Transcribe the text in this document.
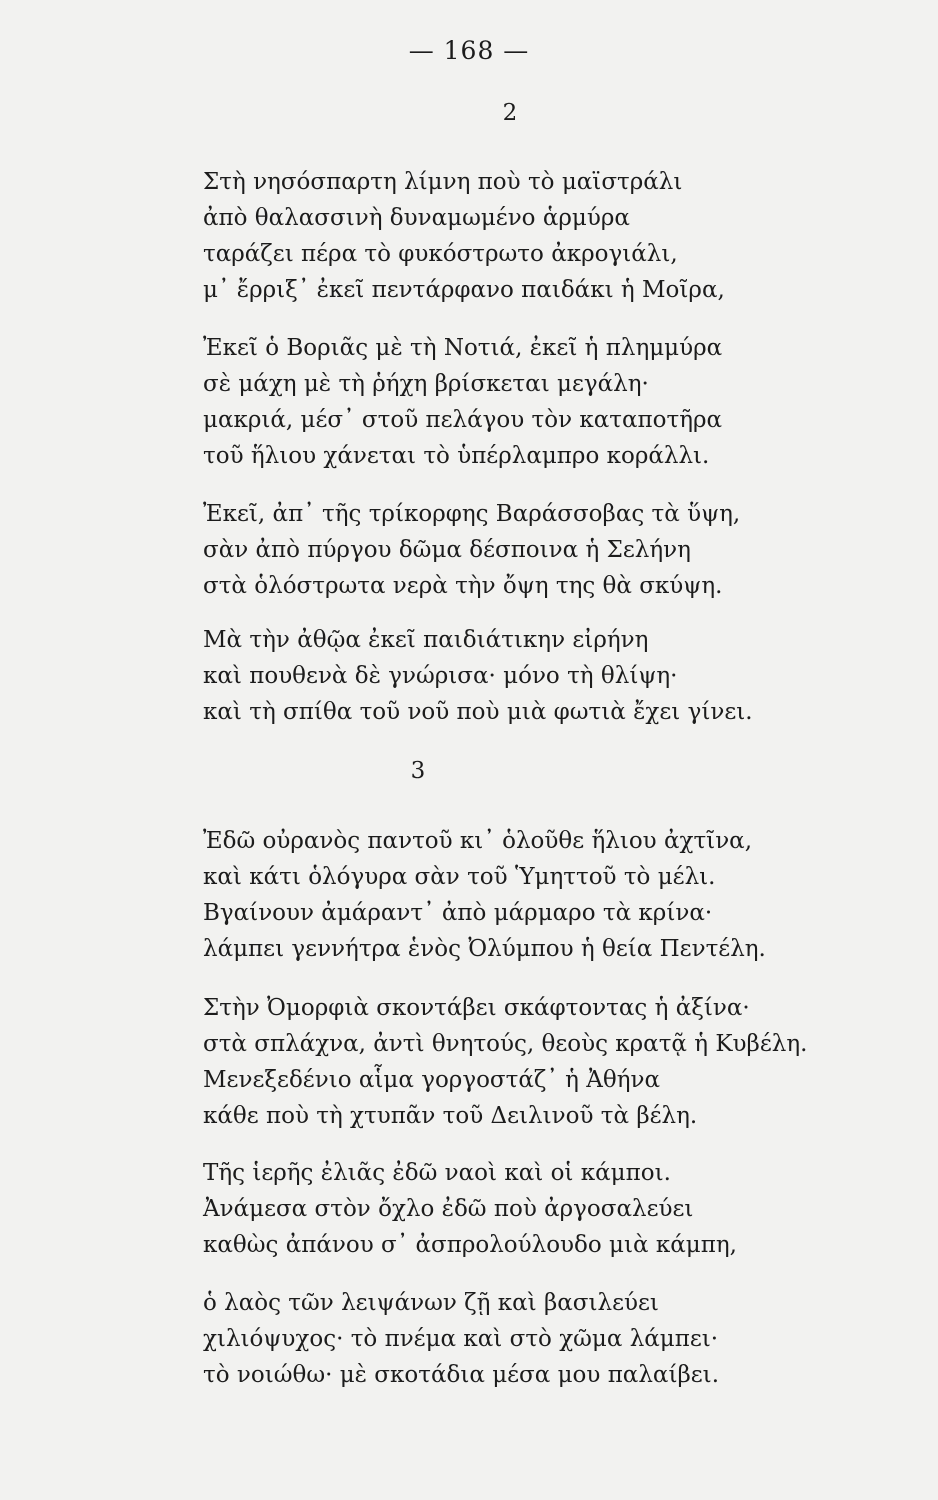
— 168 —
2
Στὴ νησόσπαρτη λίμνη ποὺ τὸ μαϊστράλι
ἀπὸ θαλασσινὴ δυναμωμένο ἁρμύρα
ταράζει πέρα τὸ φυκόστρωτο ἀκρογιάλι,
μ᾽ ἔρριξ᾽ ἐκεῖ πεντάρφανο παιδάκι ἡ Μοῖρα,
Ἐκεῖ ὁ Βοριᾶς μὲ τὴ Νοτιά, ἐκεῖ ἡ πλημμύρα
σὲ μάχη μὲ τὴ ῥήχη βρίσκεται μεγάλη·
μακριά, μέσ᾽ στοῦ πελάγου τὸν καταποτῆρα
τοῦ ἥλιου χάνεται τὸ ὑπέρλαμπρο κοράλλι.
Ἐκεῖ, ἀπ᾽ τῆς τρίκορφης Βαράσσοβας τὰ ὕψη,
σὰν ἀπὸ πύργου δῶμα δέσποινα ἡ Σελήνη
στὰ ὁλόστρωτα νερὰ τὴν ὄψη της θὰ σκύψη.
Μὰ τὴν ἀθῷα ἐκεῖ παιδιάτικην εἰρήνη
καὶ πουθενὰ δὲ γνώρισα· μόνο τὴ θλίψη·
καὶ τὴ σπίθα τοῦ νοῦ ποὺ μιὰ φωτιὰ ἔχει γίνει.
3
Ἐδῶ οὐρανὸς παντοῦ κι᾽ ὁλοῦθε ἥλιου ἀχτῖνα,
καὶ κάτι ὁλόγυρα σὰν τοῦ Ὑμηττοῦ τὸ μέλι.
Βγαίνουν ἀμάραντ᾽ ἀπὸ μάρμαρο τὰ κρίνα·
λάμπει γεννήτρα ἑνὸς Ὀλύμπου ἡ θεία Πεντέλη.
Στὴν Ὀμορφιὰ σκοντάβει σκάφτοντας ἡ ἀξίνα·
στὰ σπλάχνα, ἀντὶ θνητούς, θεοὺς κρατᾷ ἡ Κυβέλη.
Μενεξεδένιο αἷμα γοργοστάζ᾽ ἡ Ἀθήνα
κάθε ποὺ τὴ χτυπᾶν τοῦ Δειλινοῦ τὰ βέλη.
Τῆς ἱερῆς ἐλιᾶς ἐδῶ ναοὶ καὶ οἱ κάμποι.
Ἀνάμεσα στὸν ὄχλο ἐδῶ ποὺ ἀργοσαλεύει
καθὼς ἀπάνου σ᾽ ἀσπρολούλουδο μιὰ κάμπη,
ὁ λαὸς τῶν λειψάνων ζῇ καὶ βασιλεύει
χιλιόψυχος· τὸ πνέμα καὶ στὸ χῶμα λάμπει·
τὸ νοιώθω· μὲ σκοτάδια μέσα μου παλαίβει.
